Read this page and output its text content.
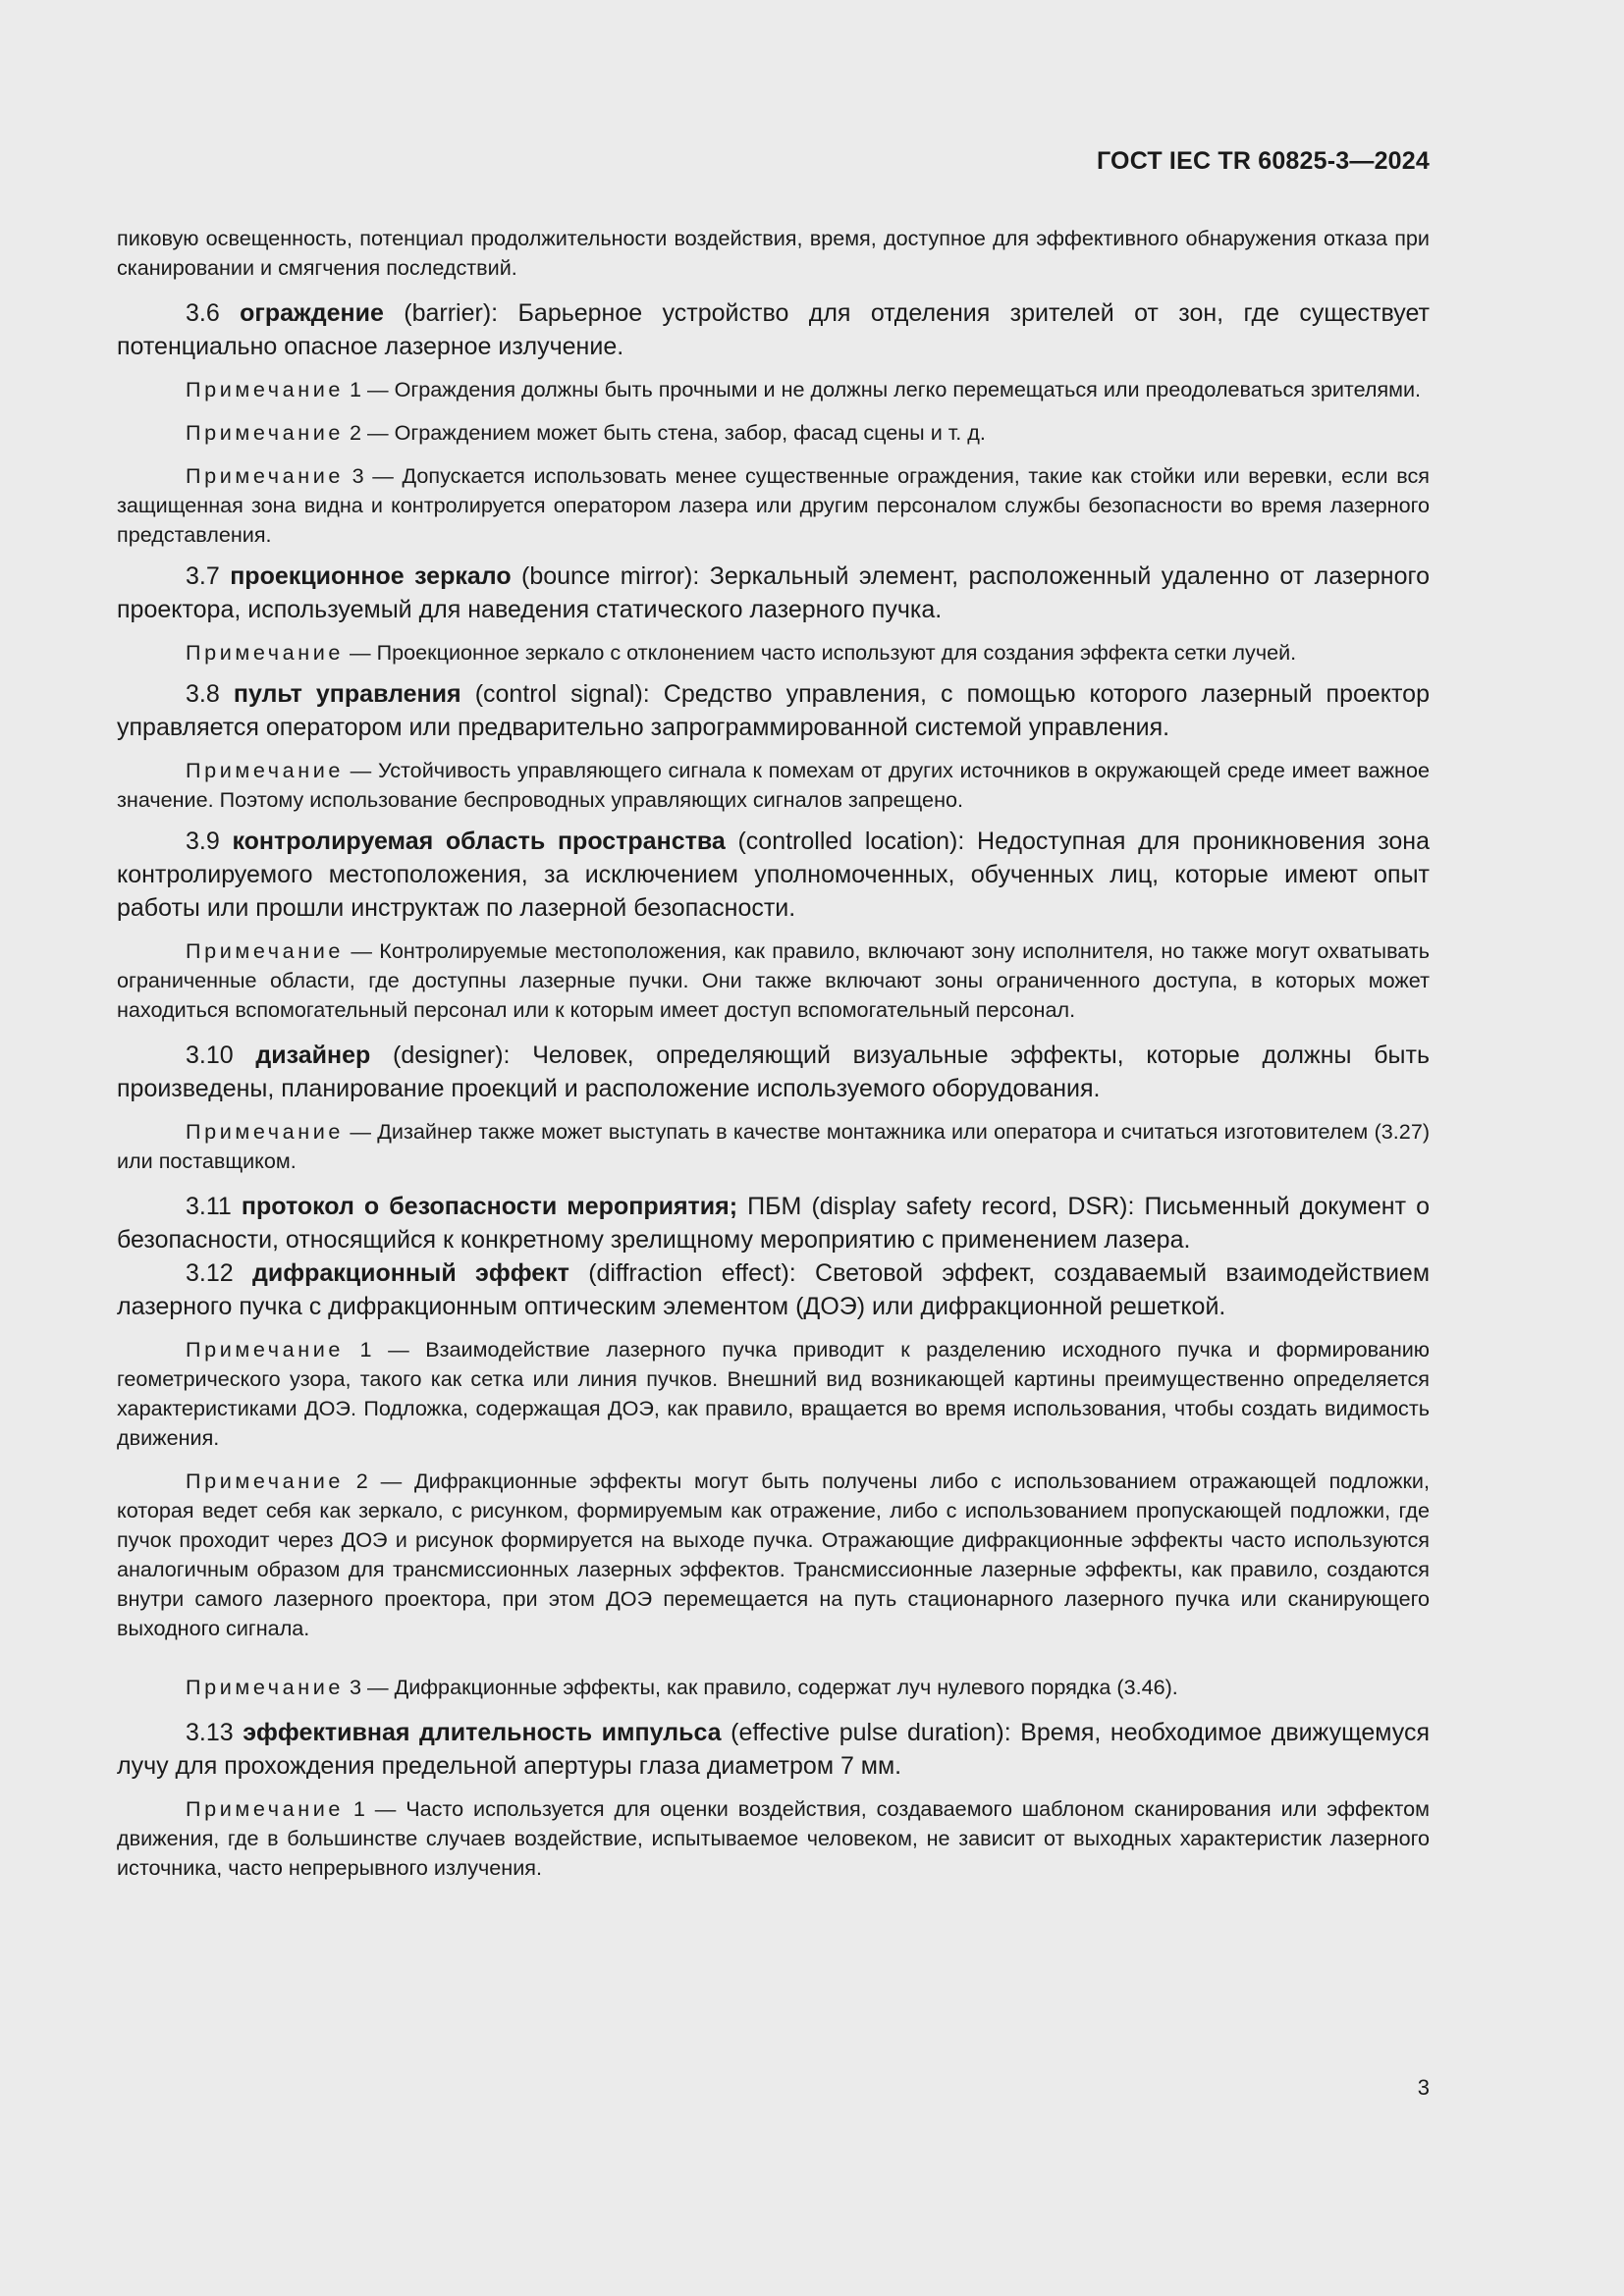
ГОСТ IEC TR 60825-3—2024

пиковую освещенность, потенциал продолжительности воздействия, время, доступное для эффективного обнаружения отказа при сканировании и смягчения последствий.

3.6 ограждение (barrier): Барьерное устройство для отделения зрителей от зон, где существует потенциально опасное лазерное излучение.

Примечание 1 — Ограждения должны быть прочными и не должны легко перемещаться или преодолеваться зрителями.

Примечание 2 — Ограждением может быть стена, забор, фасад сцены и т. д.

Примечание 3 — Допускается использовать менее существенные ограждения, такие как стойки или веревки, если вся защищенная зона видна и контролируется оператором лазера или другим персоналом службы безопасности во время лазерного представления.

3.7 проекционное зеркало (bounce mirror): Зеркальный элемент, расположенный удаленно от лазерного проектора, используемый для наведения статического лазерного пучка.

Примечание — Проекционное зеркало с отклонением часто используют для создания эффекта сетки лучей.

3.8 пульт управления (control signal): Средство управления, с помощью которого лазерный проектор управляется оператором или предварительно запрограммированной системой управления.

Примечание — Устойчивость управляющего сигнала к помехам от других источников в окружающей среде имеет важное значение. Поэтому использование беспроводных управляющих сигналов запрещено.

3.9 контролируемая область пространства (controlled location): Недоступная для проникновения зона контролируемого местоположения, за исключением уполномоченных, обученных лиц, которые имеют опыт работы или прошли инструктаж по лазерной безопасности.

Примечание — Контролируемые местоположения, как правило, включают зону исполнителя, но также могут охватывать ограниченные области, где доступны лазерные пучки. Они также включают зоны ограниченного доступа, в которых может находиться вспомогательный персонал или к которым имеет доступ вспомогательный персонал.

3.10 дизайнер (designer): Человек, определяющий визуальные эффекты, которые должны быть произведены, планирование проекций и расположение используемого оборудования.

Примечание — Дизайнер также может выступать в качестве монтажника или оператора и считаться изготовителем (3.27) или поставщиком.

3.11 протокол о безопасности мероприятия; ПБМ (display safety record, DSR): Письменный документ о безопасности, относящийся к конкретному зрелищному мероприятию с применением лазера.

3.12 дифракционный эффект (diffraction effect): Световой эффект, создаваемый взаимодействием лазерного пучка с дифракционным оптическим элементом (ДОЭ) или дифракционной решеткой.

Примечание 1 — Взаимодействие лазерного пучка приводит к разделению исходного пучка и формированию геометрического узора, такого как сетка или линия пучков. Внешний вид возникающей картины преимущественно определяется характеристиками ДОЭ. Подложка, содержащая ДОЭ, как правило, вращается во время использования, чтобы создать видимость движения.

Примечание 2 — Дифракционные эффекты могут быть получены либо с использованием отражающей подложки, которая ведет себя как зеркало, с рисунком, формируемым как отражение, либо с использованием пропускающей подложки, где пучок проходит через ДОЭ и рисунок формируется на выходе пучка. Отражающие дифракционные эффекты часто используются аналогичным образом для трансмиссионных лазерных эффектов. Трансмиссионные лазерные эффекты, как правило, создаются внутри самого лазерного проектора, при этом ДОЭ перемещается на путь стационарного лазерного пучка или сканирующего выходного сигнала.

Примечание 3 — Дифракционные эффекты, как правило, содержат луч нулевого порядка (3.46).

3.13 эффективная длительность импульса (effective pulse duration): Время, необходимое движущемуся лучу для прохождения предельной апертуры глаза диаметром 7 мм.

Примечание 1 — Часто используется для оценки воздействия, создаваемого шаблоном сканирования или эффектом движения, где в большинстве случаев воздействие, испытываемое человеком, не зависит от выходных характеристик лазерного источника, часто непрерывного излучения.

3
